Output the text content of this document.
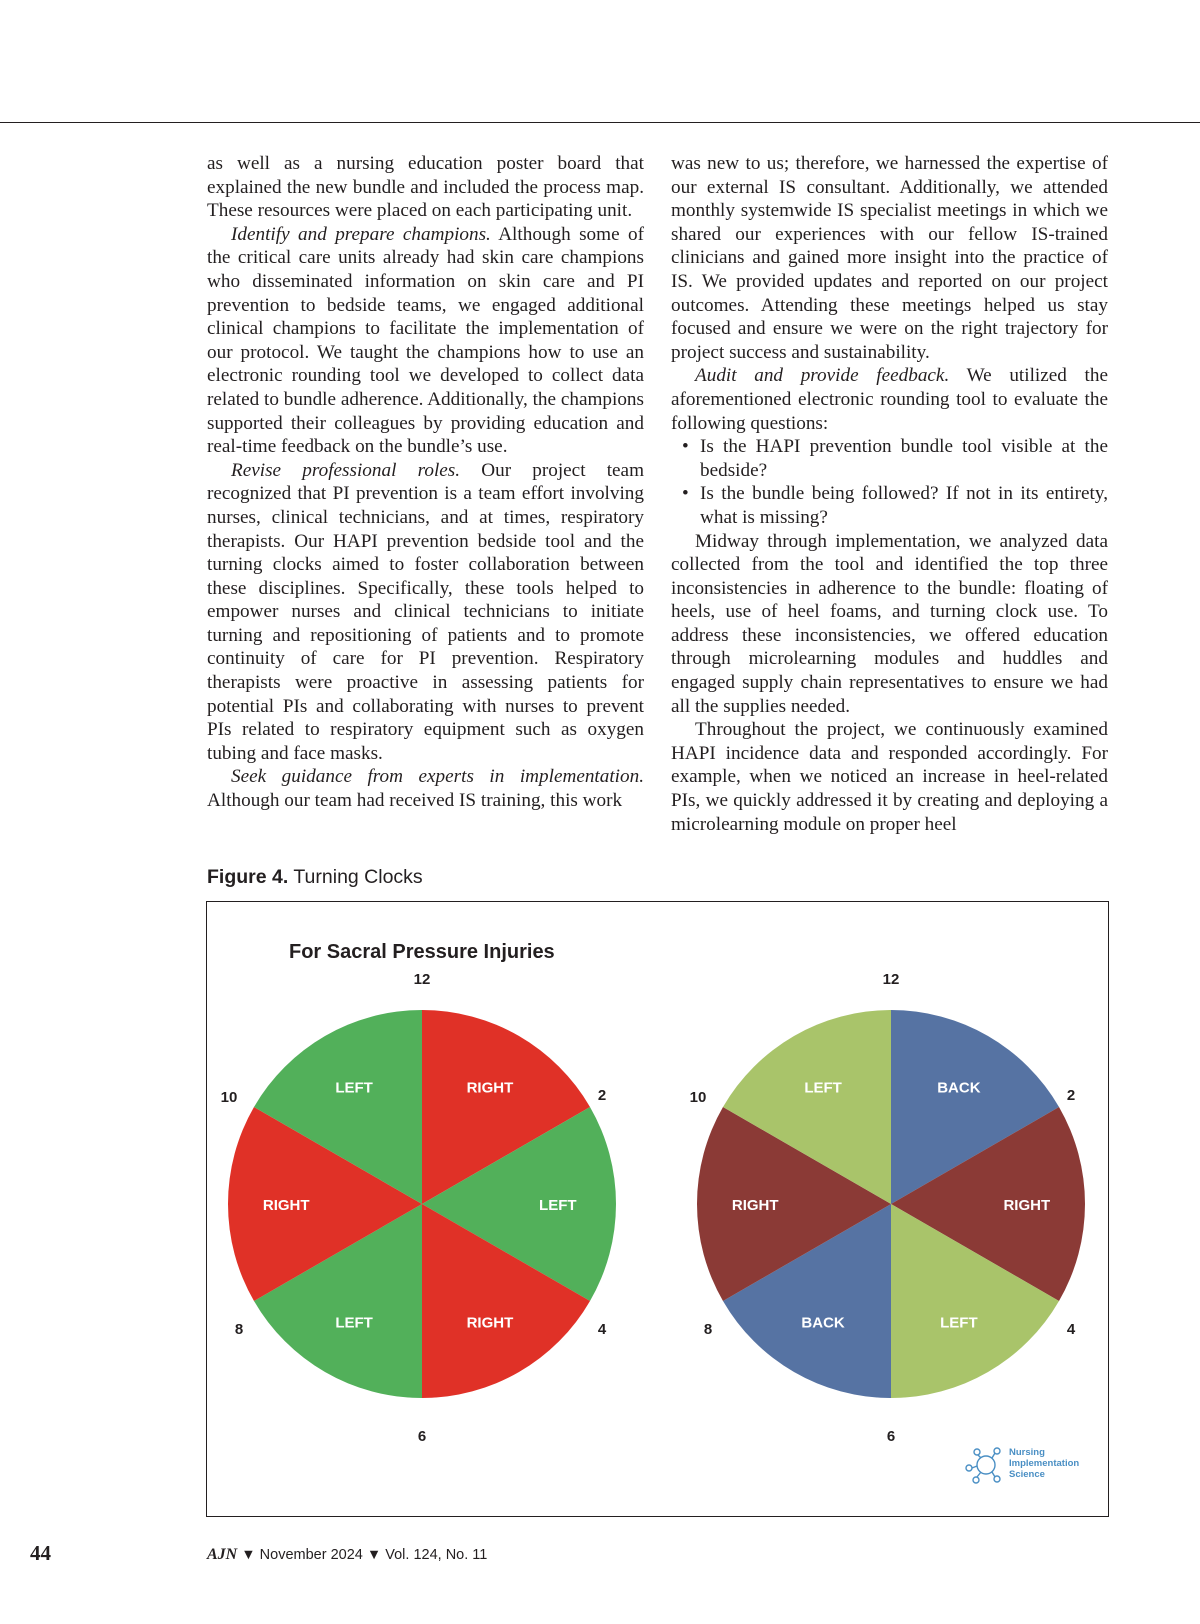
as well as a nursing education poster board that explained the new bundle and included the process map. These resources were placed on each participating unit.

Identify and prepare champions. Although some of the critical care units already had skin care champions who disseminated information on skin care and PI prevention to bedside teams, we engaged additional clinical champions to facilitate the implementation of our protocol. We taught the champions how to use an electronic rounding tool we developed to collect data related to bundle adherence. Additionally, the champions supported their colleagues by providing education and real-time feedback on the bundle’s use.

Revise professional roles. Our project team recognized that PI prevention is a team effort involving nurses, clinical technicians, and at times, respiratory therapists. Our HAPI prevention bedside tool and the turning clocks aimed to foster collaboration between these disciplines. Specifically, these tools helped to empower nurses and clinical technicians to initiate turning and repositioning of patients and to promote continuity of care for PI prevention. Respiratory therapists were proactive in assessing patients for potential PIs and collaborating with nurses to prevent PIs related to respiratory equipment such as oxygen tubing and face masks.

Seek guidance from experts in implementation. Although our team had received IS training, this work

was new to us; therefore, we harnessed the expertise of our external IS consultant. Additionally, we attended monthly systemwide IS specialist meetings in which we shared our experiences with our fellow IS-trained clinicians and gained more insight into the practice of IS. We provided updates and reported on our project outcomes. Attending these meetings helped us stay focused and ensure we were on the right trajectory for project success and sustainability.

Audit and provide feedback. We utilized the aforementioned electronic rounding tool to evaluate the following questions:

• Is the HAPI prevention bundle tool visible at the bedside?
• Is the bundle being followed? If not in its entirety, what is missing?

Midway through implementation, we analyzed data collected from the tool and identified the top three inconsistencies in adherence to the bundle: floating of heels, use of heel foams, and turning clock use. To address these inconsistencies, we offered education through microlearning modules and huddles and engaged supply chain representatives to ensure we had all the supplies needed.

Throughout the project, we continuously examined HAPI incidence data and responded accordingly. For example, when we noticed an increase in heel-related PIs, we quickly addressed it by creating and deploying a microlearning module on proper heel

Figure 4. Turning Clocks
For Sacral Pressure Injuries
RIGHT
LEFT
RIGHT
LEFT
RIGHT
LEFT
12
2
4
6
8
10
BACK
RIGHT
LEFT
BACK
RIGHT
LEFT
12
2
4
6
8
10
Nursing
Implementation
Science
44	AJN ▼ November 2024 ▼ Vol. 124, No. 11
